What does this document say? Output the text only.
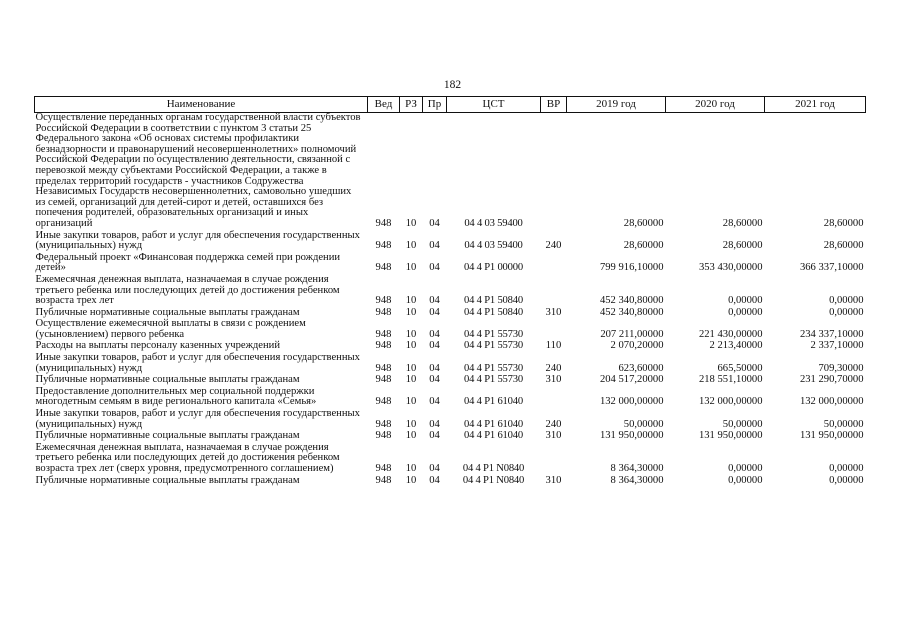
182
Наименование	Вед	РЗ	Пр	ЦСТ	ВР	2019 год	2020 год	2021 год
Осуществление переданных органам государственной власти субъектов Российской Федерации в соответствии с пунктом 3 статьи 25 Федерального закона «Об основах системы профилактики безнадзорности и правонарушений несовершеннолетних» полномочий Российской Федерации по осуществлению деятельности, связанной с перевозкой между субъектами Российской Федерации, а также в пределах территорий государств - участников Содружества Независимых Государств несовершеннолетних, самовольно ушедших из семей, организаций для детей-сирот и детей, оставшихся без попечения родителей, образовательных организаций и иных организаций	948	10	04	04 4 03 59400		28,60000	28,60000	28,60000
Иные закупки товаров, работ и услуг для обеспечения государственных (муниципальных) нужд	948	10	04	04 4 03 59400	240	28,60000	28,60000	28,60000
Федеральный проект «Финансовая поддержка семей при рождении детей»	948	10	04	04 4 P1 00000		799 916,10000	353 430,00000	366 337,10000
Ежемесячная денежная выплата, назначаемая в случае рождения третьего ребенка или последующих детей до достижения ребенком возраста трех лет	948	10	04	04 4 P1 50840		452 340,80000	0,00000	0,00000
Публичные нормативные социальные выплаты гражданам	948	10	04	04 4 P1 50840	310	452 340,80000	0,00000	0,00000
Осуществление ежемесячной выплаты в связи с рождением (усыновлением) первого ребенка	948	10	04	04 4 P1 55730		207 211,00000	221 430,00000	234 337,10000
Расходы на выплаты персоналу казенных учреждений	948	10	04	04 4 P1 55730	110	2 070,20000	2 213,40000	2 337,10000
Иные закупки товаров, работ и услуг для обеспечения государственных (муниципальных) нужд	948	10	04	04 4 P1 55730	240	623,60000	665,50000	709,30000
Публичные нормативные социальные выплаты гражданам	948	10	04	04 4 P1 55730	310	204 517,20000	218 551,10000	231 290,70000
Предоставление дополнительных мер социальной поддержки многодетным семьям в виде регионального капитала «Семья»	948	10	04	04 4 P1 61040		132 000,00000	132 000,00000	132 000,00000
Иные закупки товаров, работ и услуг для обеспечения государственных (муниципальных) нужд	948	10	04	04 4 P1 61040	240	50,00000	50,00000	50,00000
Публичные нормативные социальные выплаты гражданам	948	10	04	04 4 P1 61040	310	131 950,00000	131 950,00000	131 950,00000
Ежемесячная денежная выплата, назначаемая в случае рождения третьего ребенка или последующих детей до достижения ребенком возраста трех лет (сверх уровня, предусмотренного соглашением)	948	10	04	04 4 P1 N0840		8 364,30000	0,00000	0,00000
Публичные нормативные социальные выплаты гражданам	948	10	04	04 4 P1 N0840	310	8 364,30000	0,00000	0,00000
